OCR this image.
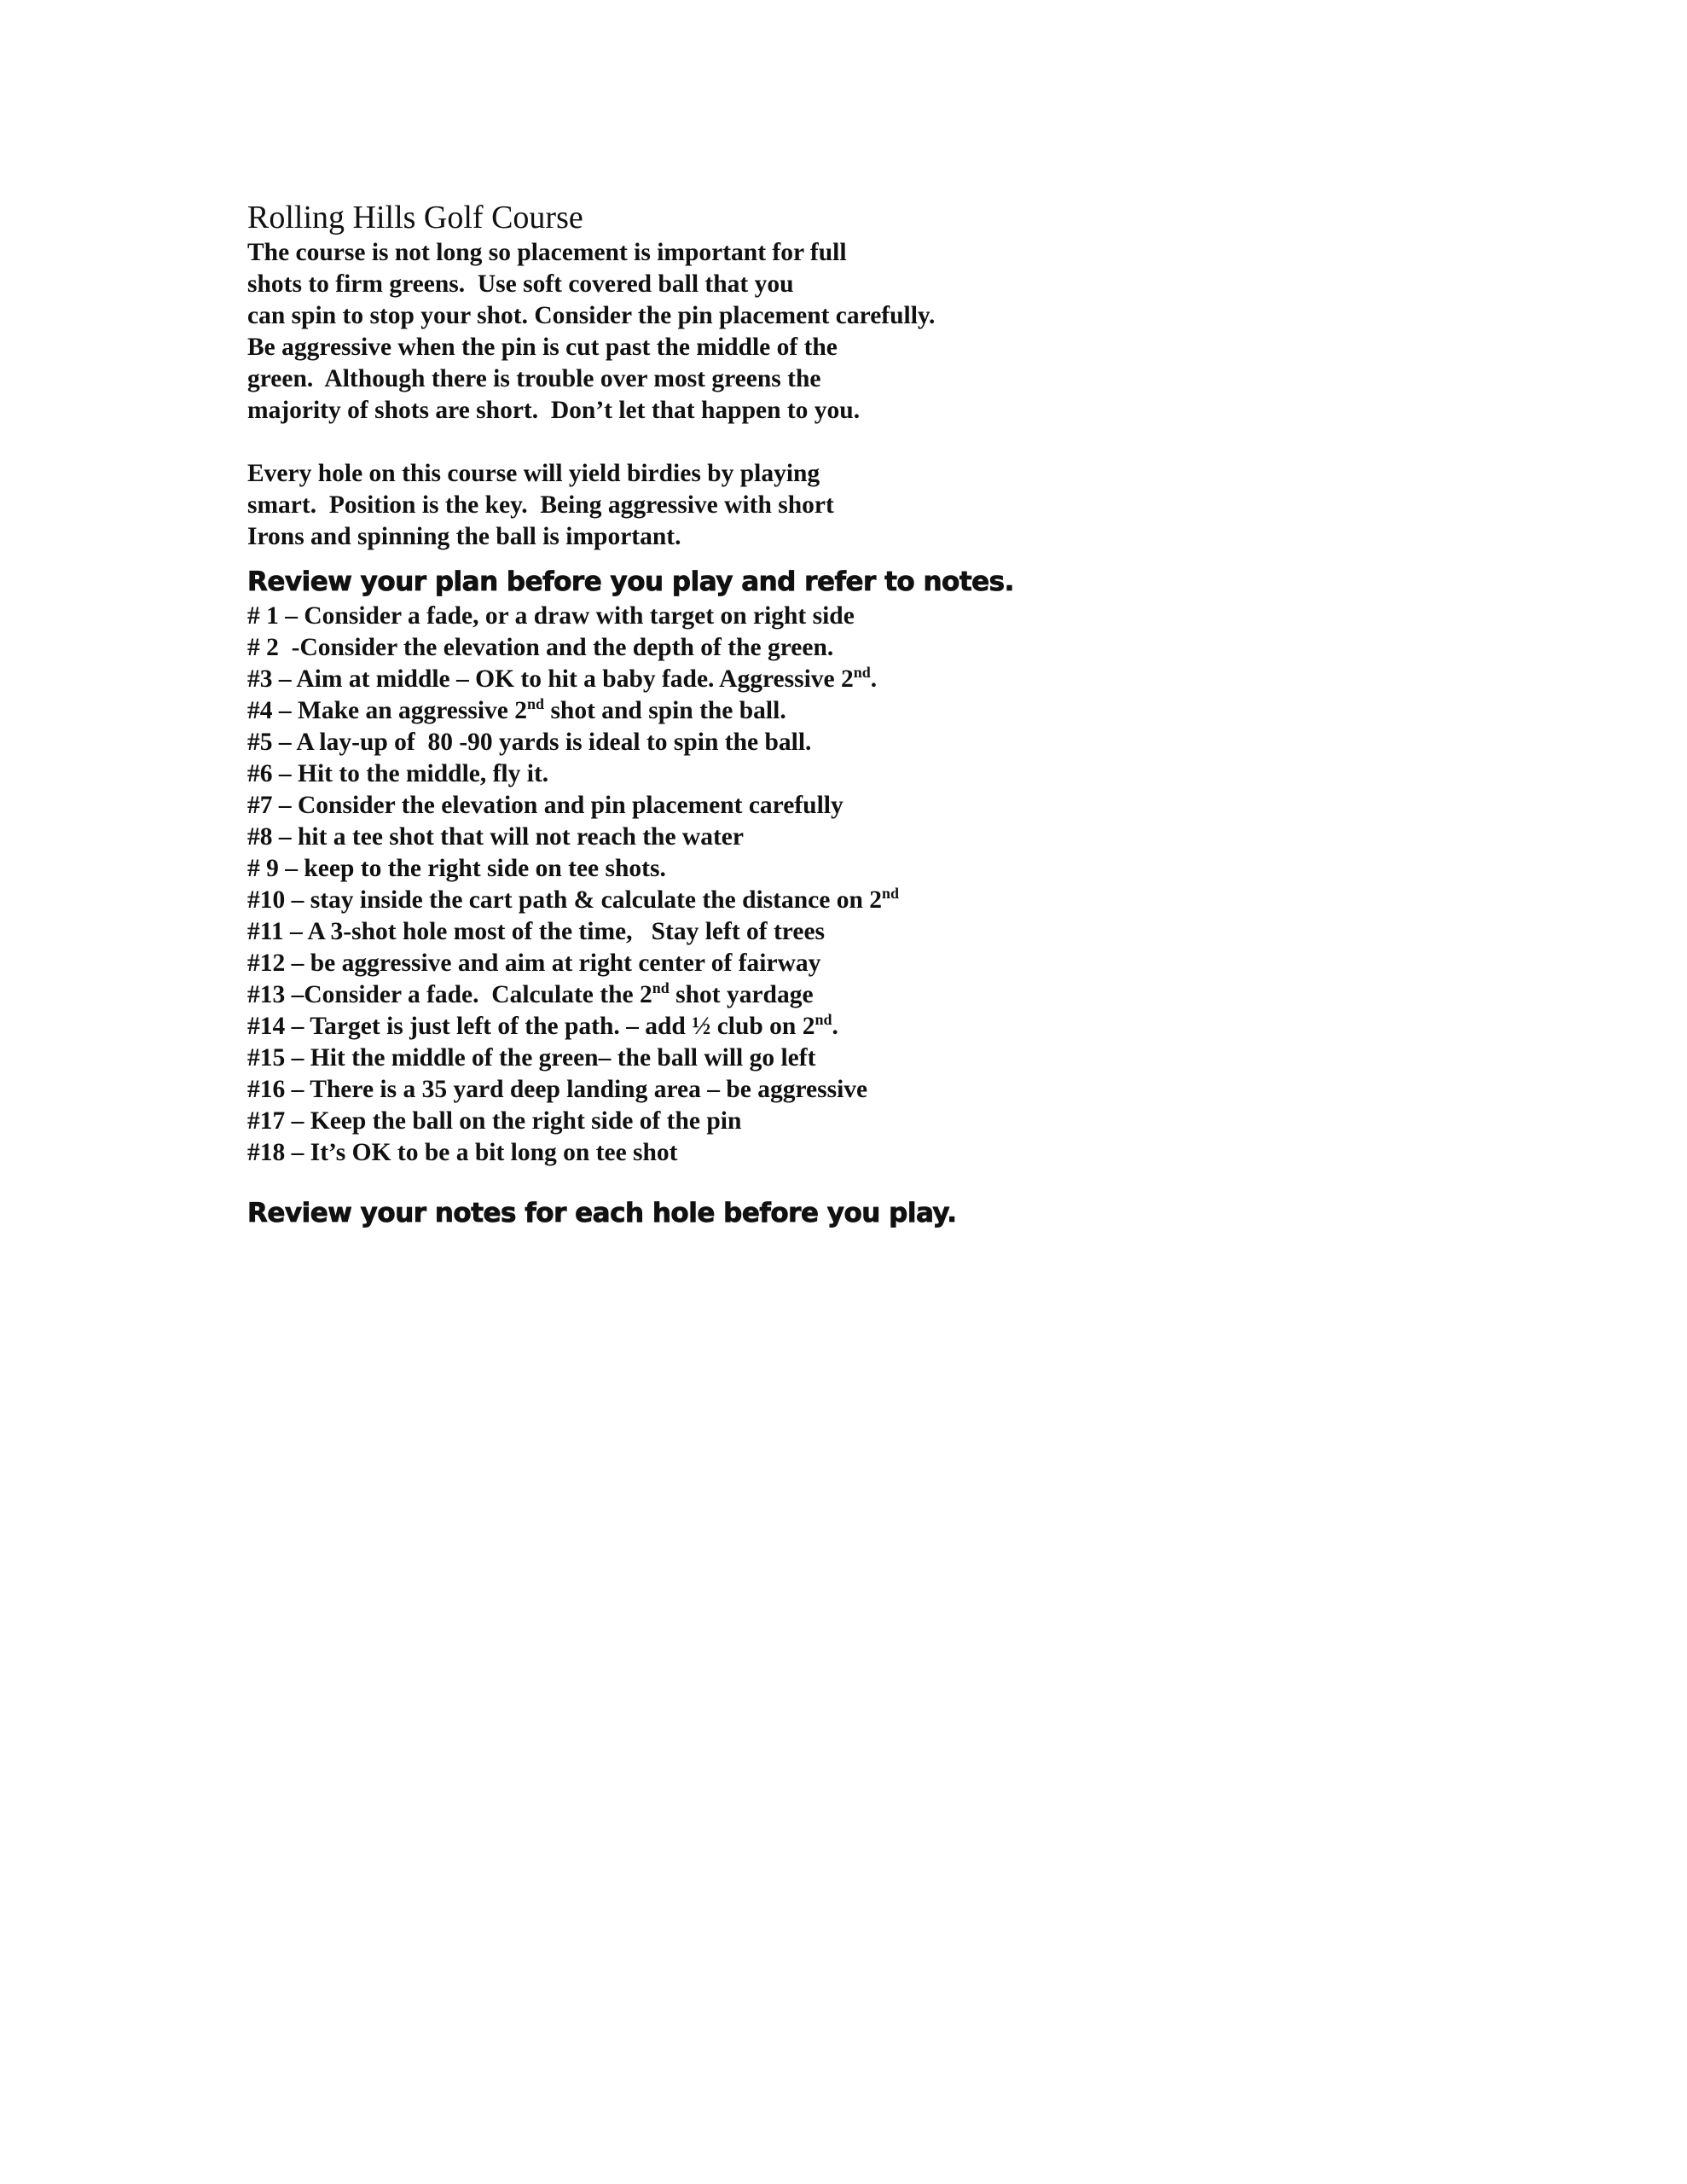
Rolling Hills Golf Course

The course is not long so placement is important for full

shots to firm greens.  Use soft covered ball that you

can spin to stop your shot. Consider the pin placement carefully.

Be aggressive when the pin is cut past the middle of the

green.  Although there is trouble over most greens the

majority of shots are short.  Don’t let that happen to you.

Every hole on this course will yield birdies by playing

smart.  Position is the key.  Being aggressive with short

Irons and spinning the ball is important.

Review your plan before you play and refer to notes.

# 1 – Consider a fade, or a draw with target on right side

# 2  -Consider the elevation and the depth of the green.

#3 – Aim at middle – OK to hit a baby fade. Aggressive 2nd.

#4 – Make an aggressive 2nd shot and spin the ball.

#5 – A lay-up of  80 -90 yards is ideal to spin the ball.

#6 – Hit to the middle, fly it.

#7 – Consider the elevation and pin placement carefully

#8 – hit a tee shot that will not reach the water

# 9 – keep to the right side on tee shots.

#10 – stay inside the cart path & calculate the distance on 2nd

#11 – A 3-shot hole most of the time,   Stay left of trees

#12 – be aggressive and aim at right center of fairway

#13 –Consider a fade.  Calculate the 2nd shot yardage

#14 – Target is just left of the path. – add ½ club on 2nd.

#15 – Hit the middle of the green– the ball will go left

#16 – There is a 35 yard deep landing area – be aggressive

#17 – Keep the ball on the right side of the pin

#18 – It’s OK to be a bit long on tee shot

Review your notes for each hole before you play.
